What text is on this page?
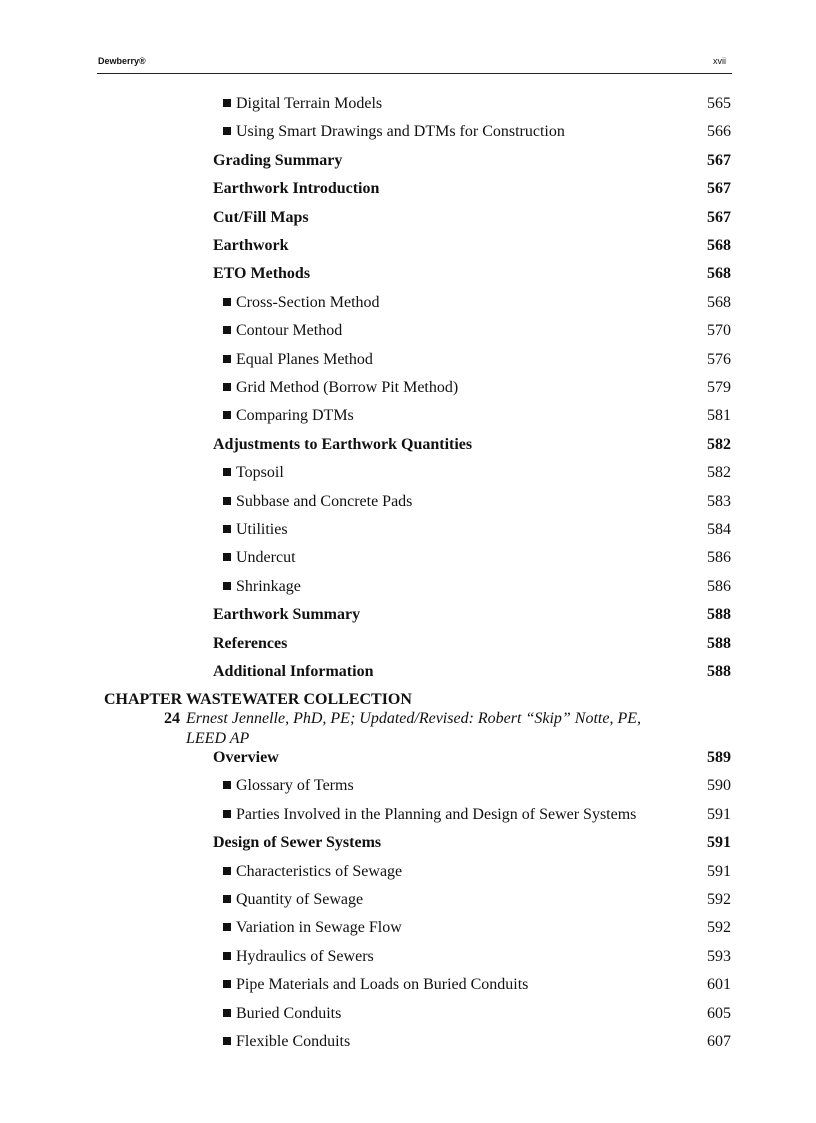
Dewberry®	xvii
Digital Terrain Models	565
Using Smart Drawings and DTMs for Construction	566
Grading Summary	567
Earthwork Introduction	567
Cut/Fill Maps	567
Earthwork	568
ETO Methods	568
Cross-Section Method	568
Contour Method	570
Equal Planes Method	576
Grid Method (Borrow Pit Method)	579
Comparing DTMs	581
Adjustments to Earthwork Quantities	582
Topsoil	582
Subbase and Concrete Pads	583
Utilities	584
Undercut	586
Shrinkage	586
Earthwork Summary	588
References	588
Additional Information	588
CHAPTER WASTEWATER COLLECTION
24 Ernest Jennelle, PhD, PE; Updated/Revised: Robert “Skip” Notte, PE,
LEED AP
Overview	589
Glossary of Terms	590
Parties Involved in the Planning and Design of Sewer Systems	591
Design of Sewer Systems	591
Characteristics of Sewage	591
Quantity of Sewage	592
Variation in Sewage Flow	592
Hydraulics of Sewers	593
Pipe Materials and Loads on Buried Conduits	601
Buried Conduits	605
Flexible Conduits	607
